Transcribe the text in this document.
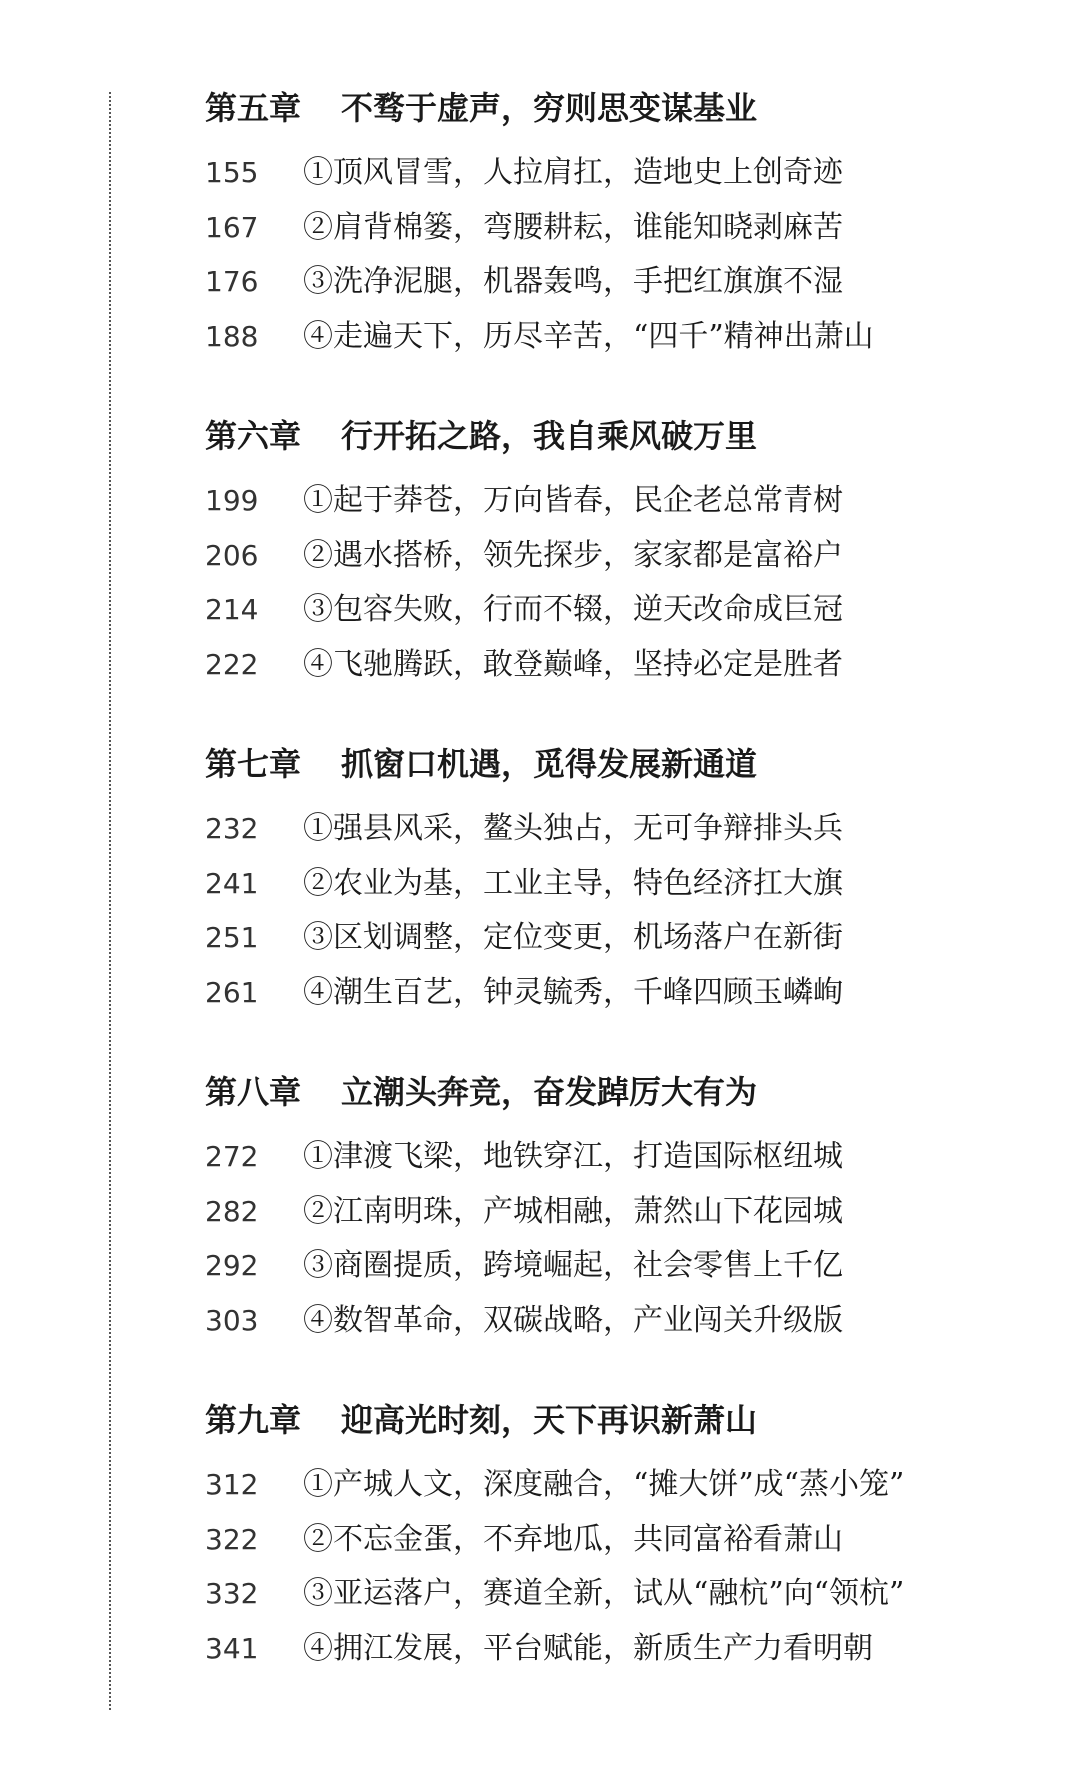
第五章 不骛于虚声，穷则思变谋基业
155 ①顶风冒雪，人拉肩扛，造地史上创奇迹
167 ②肩背棉篓，弯腰耕耘，谁能知晓剥麻苦
176 ③洗净泥腿，机器轰鸣，手把红旗旗不湿
188 ④走遍天下，历尽辛苦，“四千”精神出萧山
第六章 行开拓之路，我自乘风破万里
199 ①起于莽苍，万向皆春，民企老总常青树
206 ②遇水搭桥，领先探步，家家都是富裕户
214 ③包容失败，行而不辍，逆天改命成巨冠
222 ④飞驰腾跃，敢登巅峰，坚持必定是胜者
第七章 抓窗口机遇，觅得发展新通道
232 ①强县风采，鳌头独占，无可争辩排头兵
241 ②农业为基，工业主导，特色经济扛大旗
251 ③区划调整，定位变更，机场落户在新街
261 ④潮生百艺，钟灵毓秀，千峰四顾玉嶙峋
第八章 立潮头奔竞，奋发踔厉大有为
272 ①津渡飞梁，地铁穿江，打造国际枢纽城
282 ②江南明珠，产城相融，萧然山下花园城
292 ③商圈提质，跨境崛起，社会零售上千亿
303 ④数智革命，双碳战略，产业闯关升级版
第九章 迎高光时刻，天下再识新萧山
312 ①产城人文，深度融合，“摊大饼”成“蒸小笼”
322 ②不忘金蛋，不弃地瓜，共同富裕看萧山
332 ③亚运落户，赛道全新，试从“融杭”向“领杭”
341 ④拥江发展，平台赋能，新质生产力看明朝
